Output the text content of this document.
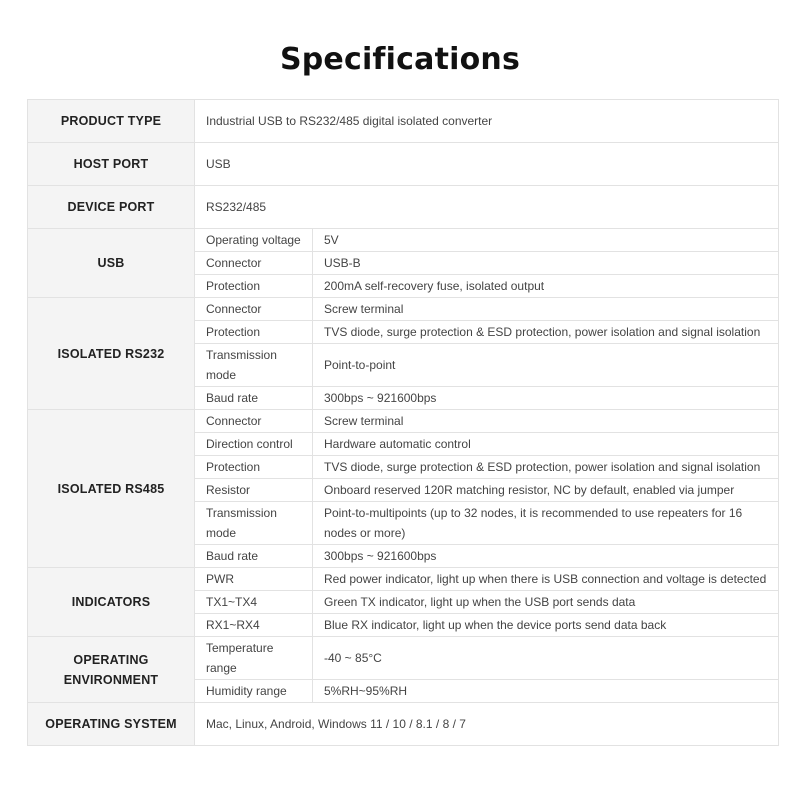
Specifications
PRODUCT TYPE	Industrial USB to RS232/485 digital isolated converter	
HOST PORT	USB	
DEVICE PORT	RS232/485	
USB	Operating voltage	5V
	Connector	USB-B
	Protection	200mA self-recovery fuse, isolated output
ISOLATED RS232	Connector	Screw terminal
	Protection	TVS diode, surge protection & ESD protection, power isolation and signal isolation
	Transmission mode	Point-to-point
	Baud rate	300bps ~ 921600bps
ISOLATED RS485	Connector	Screw terminal
	Direction control	Hardware automatic control
	Protection	TVS diode, surge protection & ESD protection, power isolation and signal isolation
	Resistor	Onboard reserved 120R matching resistor, NC by default, enabled via jumper
	Transmission mode	Point-to-multipoints (up to 32 nodes, it is recommended to use repeaters for 16 nodes or more)
	Baud rate	300bps ~ 921600bps
INDICATORS	PWR	Red power indicator, light up when there is USB connection and voltage is detected
	TX1~TX4	Green TX indicator, light up when the USB port sends data
	RX1~RX4	Blue RX indicator, light up when the device ports send data back
OPERATING ENVIRONMENT	Temperature range	-40 ~ 85°C
	Humidity range	5%RH~95%RH
OPERATING SYSTEM	Mac, Linux, Android, Windows 11 / 10 / 8.1 / 8 / 7	
